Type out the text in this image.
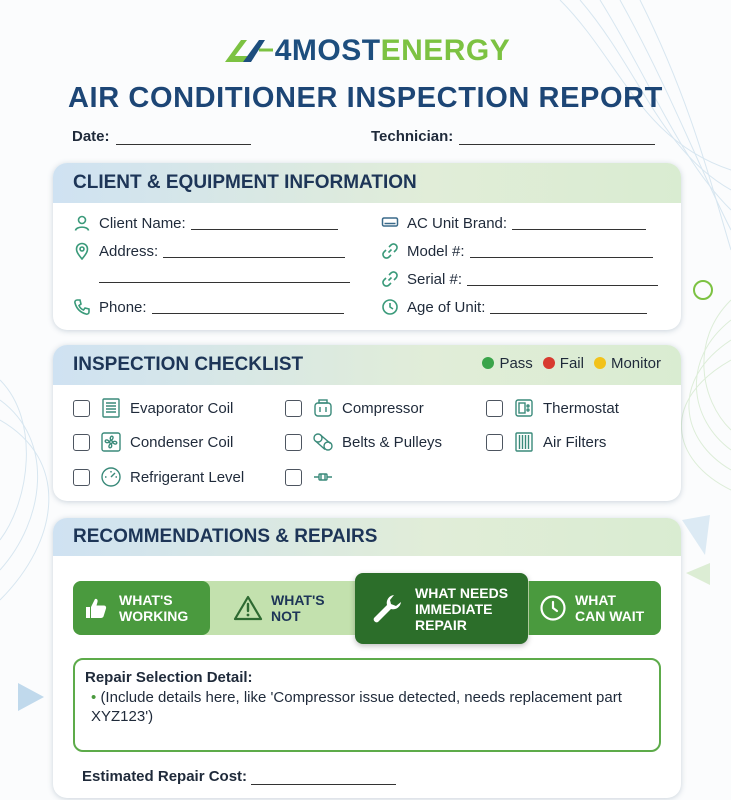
4MOSTENERGY
AIR CONDITIONER INSPECTION REPORT
Date:	Technician:
CLIENT & EQUIPMENT INFORMATION
Client Name:
Address:
Phone:
AC Unit Brand:
Model #:
Serial #:
Age of Unit:
INSPECTION CHECKLIST	Pass	Fail	Monitor
Evaporator Coil	Compressor	Thermostat
Condenser Coil	Belts & Pulleys	Air Filters
Refrigerant Level
RECOMMENDATIONS & REPAIRS
WHAT'S
WORKING
WHAT'S
NOT
WHAT NEEDS
IMMEDIATE
REPAIR
WHAT
CAN WAIT
Repair Selection Detail:
• (Include details here, like 'Compressor issue detected, needs replacement part XYZ123')
Estimated Repair Cost:
